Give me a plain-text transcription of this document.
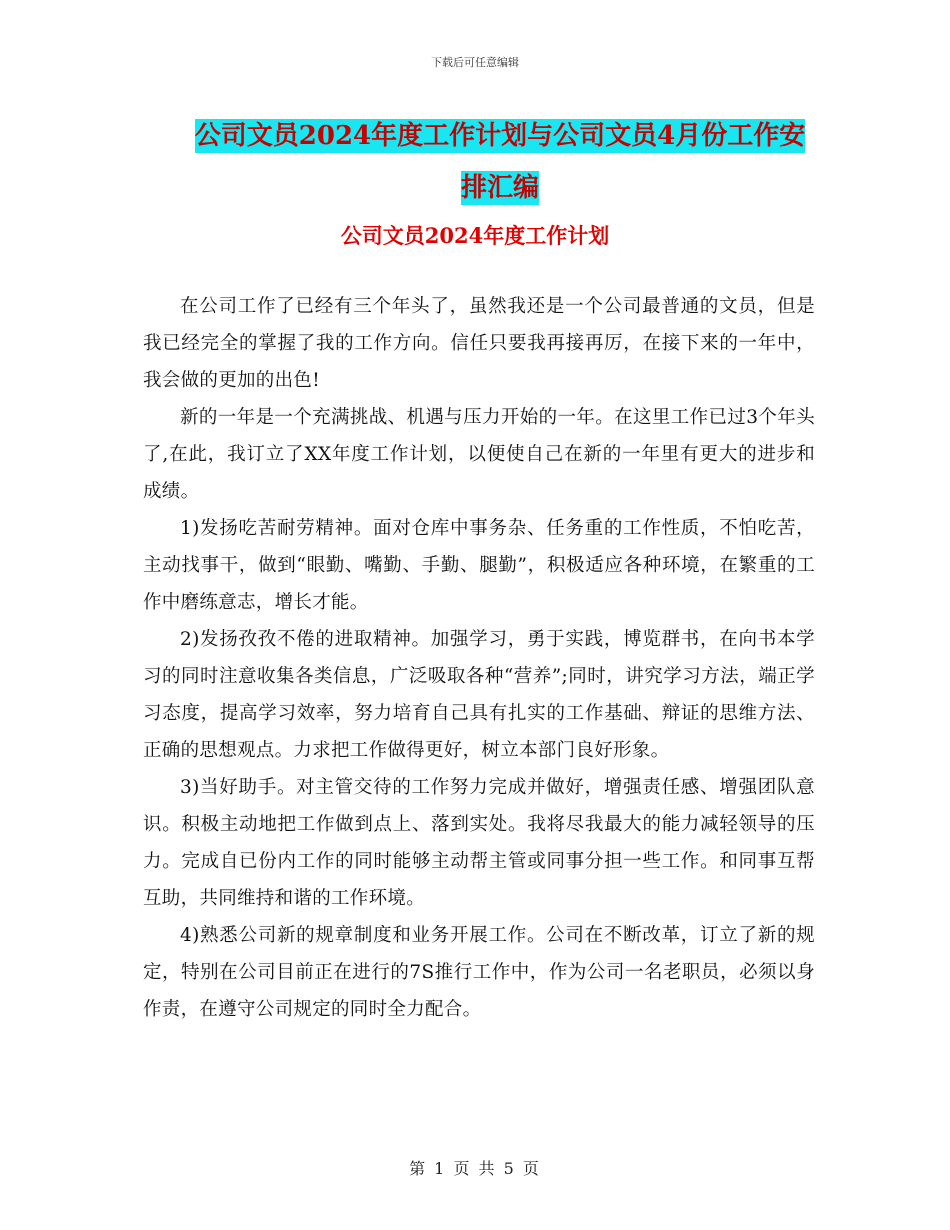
下载后可任意编辑
公司文员2024年度工作计划与公司文员4月份工作安
排汇编
公司文员2024年度工作计划

在公司工作了已经有三个年头了，虽然我还是一个公司最普通的文员，但是我已经完全的掌握了我的工作方向。信任只要我再接再厉，在接下来的一年中，我会做的更加的出色!

新的一年是一个充满挑战、机遇与压力开始的一年。在这里工作已过3个年头了,在此，我订立了XX年度工作计划，以便使自己在新的一年里有更大的进步和成绩。

1)发扬吃苦耐劳精神。面对仓库中事务杂、任务重的工作性质，不怕吃苦，主动找事干，做到“眼勤、嘴勤、手勤、腿勤”，积极适应各种环境，在繁重的工作中磨练意志，增长才能。

2)发扬孜孜不倦的进取精神。加强学习，勇于实践，博览群书，在向书本学习的同时注意收集各类信息，广泛吸取各种“营养”;同时，讲究学习方法，端正学习态度，提高学习效率，努力培育自己具有扎实的工作基础、辩证的思维方法、正确的思想观点。力求把工作做得更好，树立本部门良好形象。

3)当好助手。对主管交待的工作努力完成并做好，增强责任感、增强团队意识。积极主动地把工作做到点上、落到实处。我将尽我最大的能力减轻领导的压力。完成自已份内工作的同时能够主动帮主管或同事分担一些工作。和同事互帮互助，共同维持和谐的工作环境。

4)熟悉公司新的规章制度和业务开展工作。公司在不断改革，订立了新的规定，特别在公司目前正在进行的7S推行工作中，作为公司一名老职员，必须以身作责，在遵守公司规定的同时全力配合。

第 1 页 共 5 页
